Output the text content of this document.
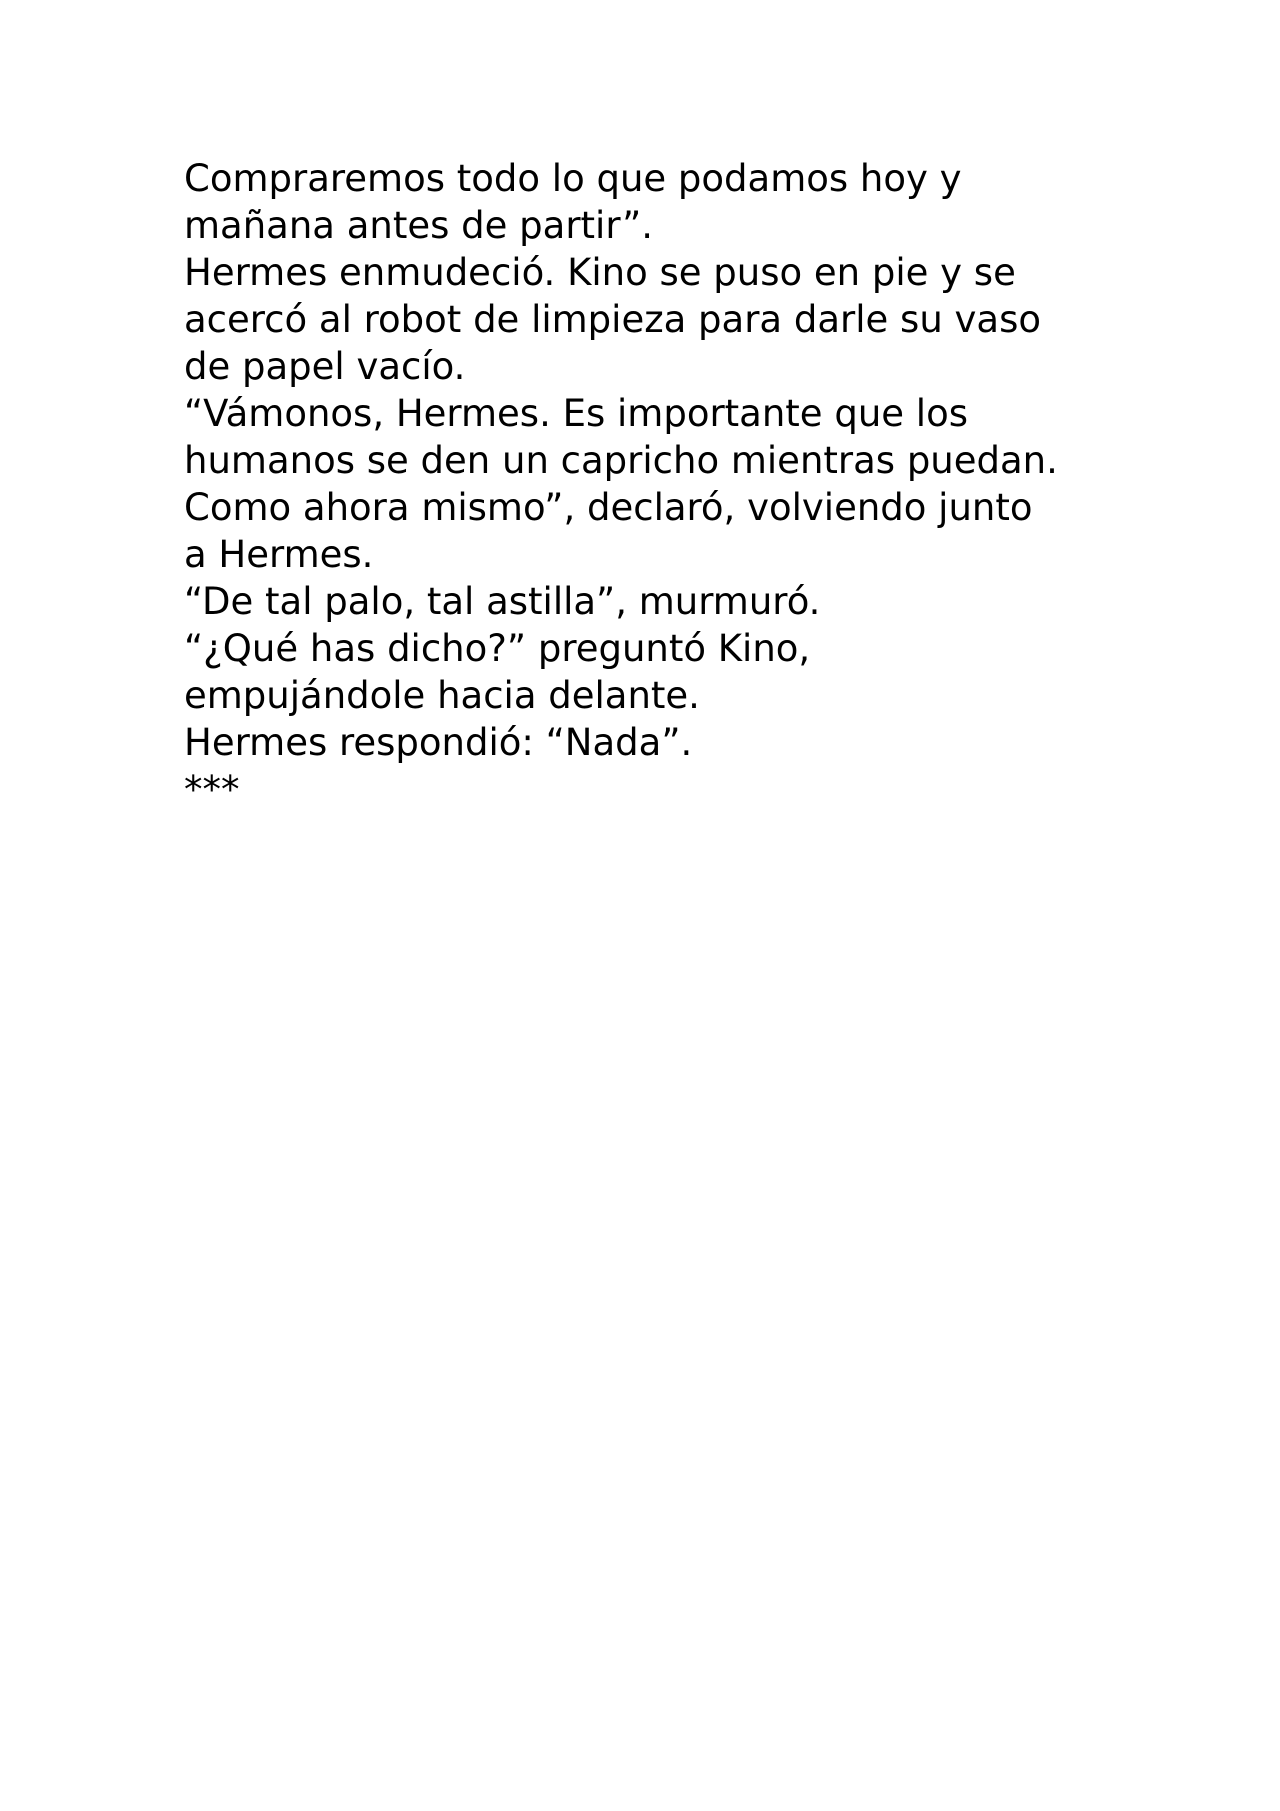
Compraremos todo lo que podamos hoy y
mañana antes de partir”.
Hermes enmudeció. Kino se puso en pie y se
acercó al robot de limpieza para darle su vaso
de papel vacío.
“Vámonos, Hermes. Es importante que los
humanos se den un capricho mientras puedan.
Como ahora mismo”, declaró, volviendo junto
a Hermes.
“De tal palo, tal astilla”, murmuró.
“¿Qué has dicho?” preguntó Kino,
empujándole hacia delante.
Hermes respondió: “Nada”.
***
